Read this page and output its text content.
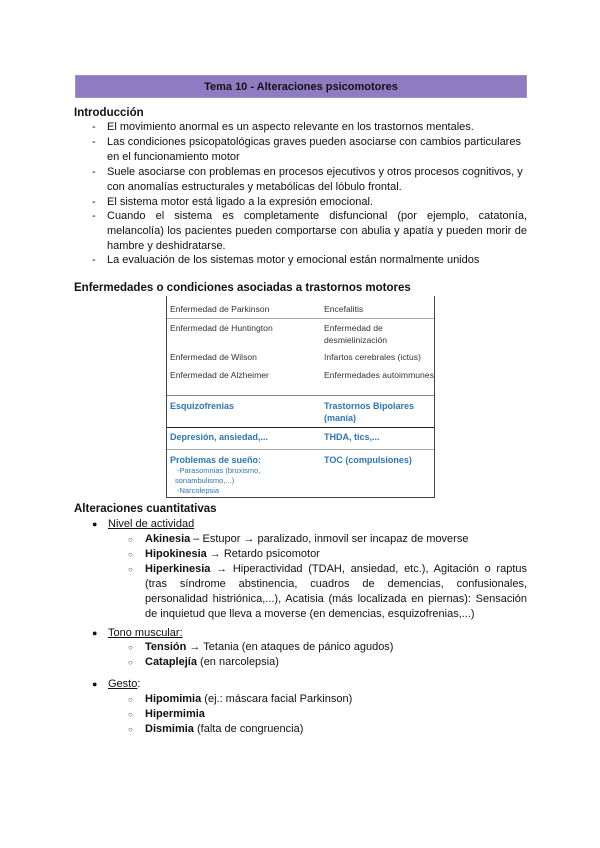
Tema 10 - Alteraciones psicomotores
Introducción
- El movimiento anormal es un aspecto relevante en los trastornos mentales.
- Las condiciones psicopatológicas graves pueden asociarse con cambios particulares en el funcionamiento motor
- Suele asociarse con problemas en procesos ejecutivos y otros procesos cognitivos, y con anomalías estructurales y metabólicas del lóbulo frontal.
- El sistema motor está ligado a la expresión emocional.
- Cuando el sistema es completamente disfuncional (por ejemplo, catatonía, melancolía) los pacientes pueden comportarse con abulia y apatía y pueden morir de hambre y deshidratarse.
- La evaluación de los sistemas motor y emocional están normalmente unidos
Enfermedades o condiciones asociadas a trastornos motores
Enfermedad de Parkinson	Encefalitis
Enfermedad de Huntington	Enfermedad de desmielinización
Enfermedad de Wilson	Infartos cerebrales (ictus)
Enfermedad de Alzheimer	Enfermedades autoimmunes
Esquizofrenias	Trastornos Bipolares (manía)
Depresión, ansiedad,...	THDA, tics,...
Problemas de sueño:	TOC (compulsiones)
-Parasomnias (bruxismo, sonambulismo,...)
-Narcolepsia
Alteraciones cuantitativas
● Nivel de actividad
○ Akinesia – Estupor → paralizado, inmovil ser incapaz de moverse
○ Hipokinesia → Retardo psicomotor
○ Hiperkinesia → Hiperactividad (TDAH, ansiedad, etc.), Agitación o raptus (tras síndrome abstinencia, cuadros de demencias, confusionales, personalidad histriónica,...), Acatisia (más localizada en piernas): Sensación de inquietud que lleva a moverse (en demencias, esquizofrenias,...)
● Tono muscular:
○ Tensión → Tetania (en ataques de pánico agudos)
○ Cataplejía (en narcolepsia)
● Gesto:
○ Hipomimia (ej.: máscara facial Parkinson)
○ Hipermimia
○ Dismimia (falta de congruencia)
